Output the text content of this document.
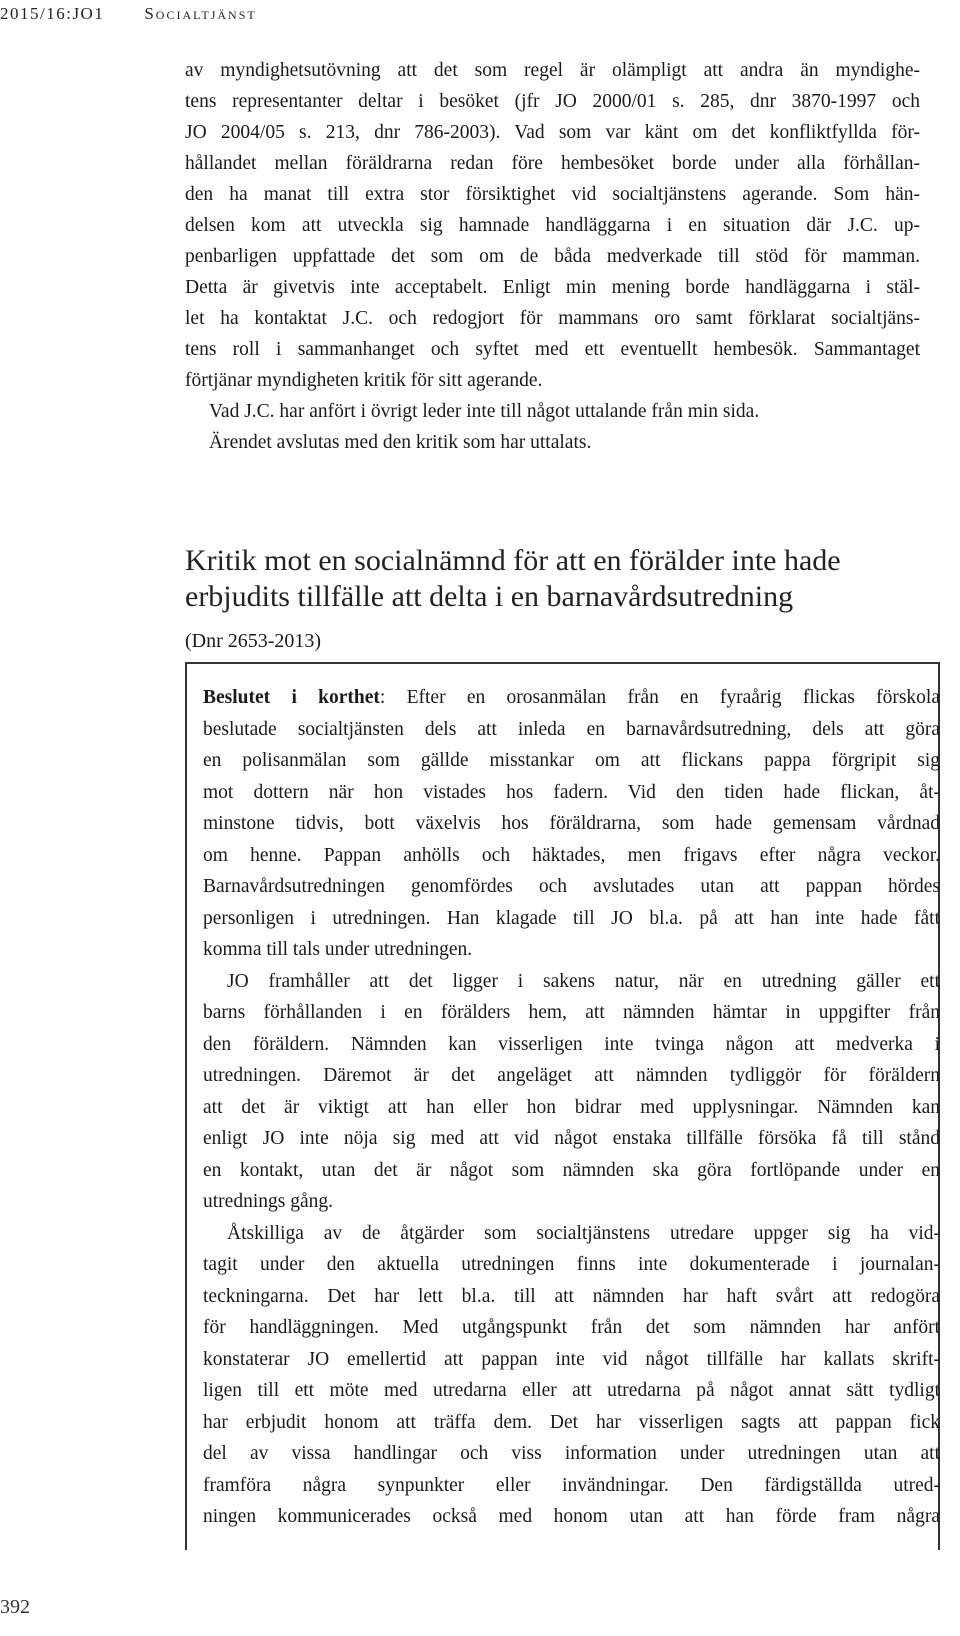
2015/16:JO1 Socialtjänst
av myndighetsutövning att det som regel är olämpligt att andra än myndighe-
tens representanter deltar i besöket (jfr JO 2000/01 s. 285, dnr 3870-1997 och
JO 2004/05 s. 213, dnr 786-2003). Vad som var känt om det konfliktfyllda för-
hållandet mellan föräldrarna redan före hembesöket borde under alla förhållan-
den ha manat till extra stor försiktighet vid socialtjänstens agerande. Som hän-
delsen kom att utveckla sig hamnade handläggarna i en situation där J.C. up-
penbarligen uppfattade det som om de båda medverkade till stöd för mamman.
Detta är givetvis inte acceptabelt. Enligt min mening borde handläggarna i stäl-
let ha kontaktat J.C. och redogjort för mammans oro samt förklarat socialtjäns-
tens roll i sammanhanget och syftet med ett eventuellt hembesök. Sammantaget
förtjänar myndigheten kritik för sitt agerande.
Vad J.C. har anfört i övrigt leder inte till något uttalande från min sida.
Ärendet avslutas med den kritik som har uttalats.
Kritik mot en socialnämnd för att en förälder inte hade
erbjudits tillfälle att delta i en barnavårdsutredning
(Dnr 2653-2013)
Beslutet i korthet: Efter en orosanmälan från en fyraårig flickas förskola
beslutade socialtjänsten dels att inleda en barnavårdsutredning, dels att göra
en polisanmälan som gällde misstankar om att flickans pappa förgripit sig
mot dottern när hon vistades hos fadern. Vid den tiden hade flickan, åt-
minstone tidvis, bott växelvis hos föräldrarna, som hade gemensam vårdnad
om henne. Pappan anhölls och häktades, men frigavs efter några veckor.
Barnavårdsutredningen genomfördes och avslutades utan att pappan hördes
personligen i utredningen. Han klagade till JO bl.a. på att han inte hade fått
komma till tals under utredningen.
JO framhåller att det ligger i sakens natur, när en utredning gäller ett
barns förhållanden i en förälders hem, att nämnden hämtar in uppgifter från
den föräldern. Nämnden kan visserligen inte tvinga någon att medverka i
utredningen. Däremot är det angeläget att nämnden tydliggör för föräldern
att det är viktigt att han eller hon bidrar med upplysningar. Nämnden kan
enligt JO inte nöja sig med att vid något enstaka tillfälle försöka få till stånd
en kontakt, utan det är något som nämnden ska göra fortlöpande under en
utrednings gång.
Åtskilliga av de åtgärder som socialtjänstens utredare uppger sig ha vid-
tagit under den aktuella utredningen finns inte dokumenterade i journalan-
teckningarna. Det har lett bl.a. till att nämnden har haft svårt att redogöra
för handläggningen. Med utgångspunkt från det som nämnden har anfört
konstaterar JO emellertid att pappan inte vid något tillfälle har kallats skrift-
ligen till ett möte med utredarna eller att utredarna på något annat sätt tydligt
har erbjudit honom att träffa dem. Det har visserligen sagts att pappan fick
del av vissa handlingar och viss information under utredningen utan att
framföra några synpunkter eller invändningar. Den färdigställda utred-
ningen kommunicerades också med honom utan att han förde fram några
392
